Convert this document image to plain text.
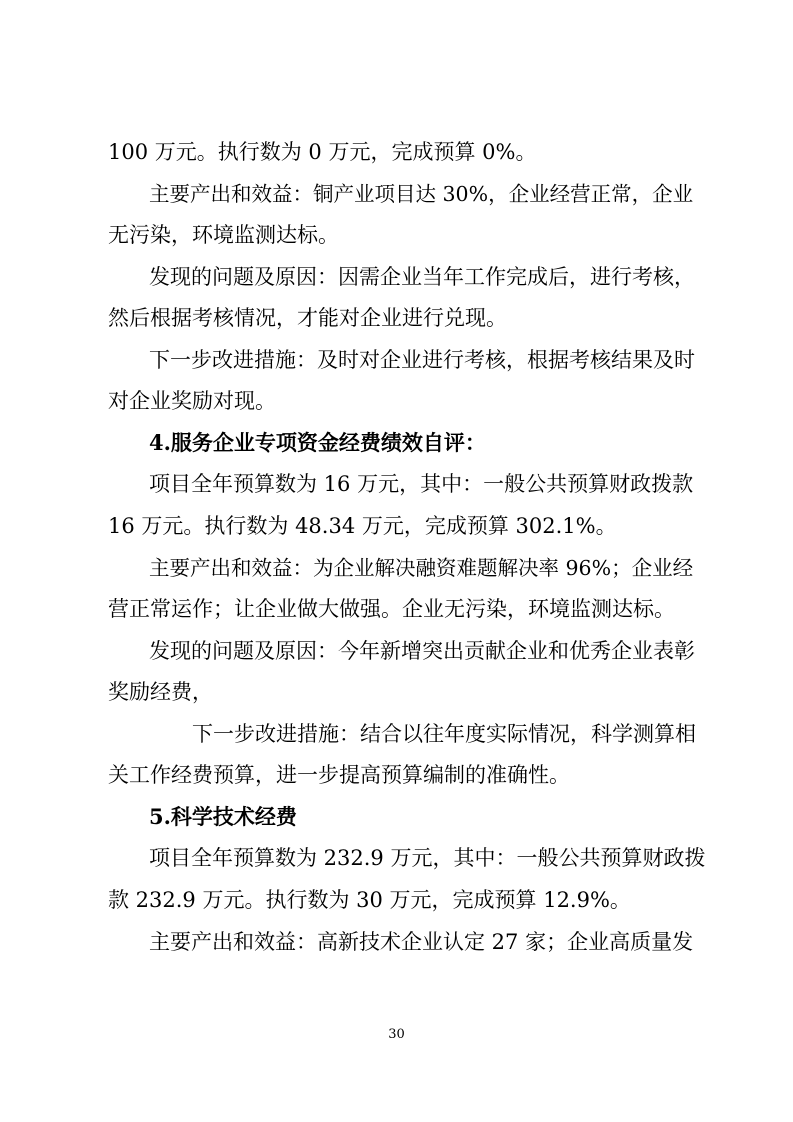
100 万元。执行数为 0 万元，完成预算 0%。
主要产出和效益：铜产业项目达 30%，企业经营正常，企业
无污染，环境监测达标。
发现的问题及原因：因需企业当年工作完成后，进行考核，
然后根据考核情况，才能对企业进行兑现。
下一步改进措施：及时对企业进行考核，根据考核结果及时
对企业奖励对现。
4.服务企业专项资金经费绩效自评：
项目全年预算数为 16 万元，其中：一般公共预算财政拨款
16 万元。执行数为 48.34 万元，完成预算 302.1%。
主要产出和效益：为企业解决融资难题解决率 96%；企业经
营正常运作；让企业做大做强。企业无污染，环境监测达标。
发现的问题及原因：今年新增突出贡献企业和优秀企业表彰
奖励经费，
下一步改进措施：结合以往年度实际情况，科学测算相
关工作经费预算，进一步提高预算编制的准确性。
5.科学技术经费
项目全年预算数为 232.9 万元，其中：一般公共预算财政拨
款 232.9 万元。执行数为 30 万元，完成预算 12.9%。
主要产出和效益：高新技术企业认定 27 家；企业高质量发
30
